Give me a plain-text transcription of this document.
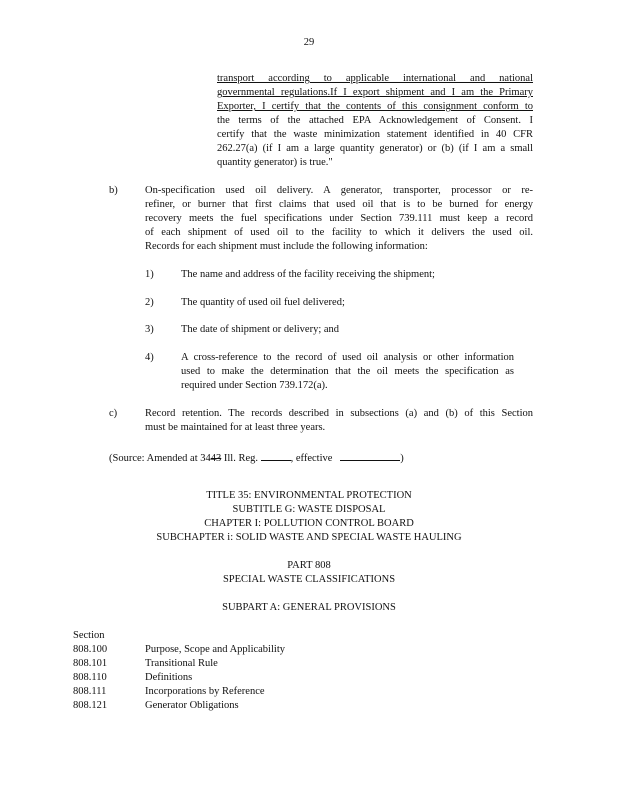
29
transport according to applicable international and national
governmental regulations.If I export shipment and I am the Primary
Exporter, I certify that the contents of this consignment conform to
the terms of the attached EPA Acknowledgement of Consent. I
certify that the waste minimization statement identified in 40 CFR
262.27(a) (if I am a large quantity generator) or (b) (if I am a small
quantity generator) is true."
b)	On-specification used oil delivery. A generator, transporter, processor or re-
refiner, or burner that first claims that used oil that is to be burned for energy
recovery meets the fuel specifications under Section 739.111 must keep a record
of each shipment of used oil to the facility to which it delivers the used oil.
Records for each shipment must include the following information:
1)	The name and address of the facility receiving the shipment;
2)	The quantity of used oil fuel delivered;
3)	The date of shipment or delivery; and
4)	A cross-reference to the record of used oil analysis or other information
used to make the determination that the oil meets the specification as
required under Section 739.172(a).
c)	Record retention. The records described in subsections (a) and (b) of this Section
must be maintained for at least three years.
(Source: Amended at 3443 Ill. Reg.	, effective	)
TITLE 35: ENVIRONMENTAL PROTECTION
SUBTITLE G: WASTE DISPOSAL
CHAPTER I: POLLUTION CONTROL BOARD
SUBCHAPTER i: SOLID WASTE AND SPECIAL WASTE HAULING
PART 808
SPECIAL WASTE CLASSIFICATIONS
SUBPART A: GENERAL PROVISIONS
Section
808.100	Purpose, Scope and Applicability
808.101	Transitional Rule
808.110	Definitions
808.111	Incorporations by Reference
808.121	Generator Obligations
